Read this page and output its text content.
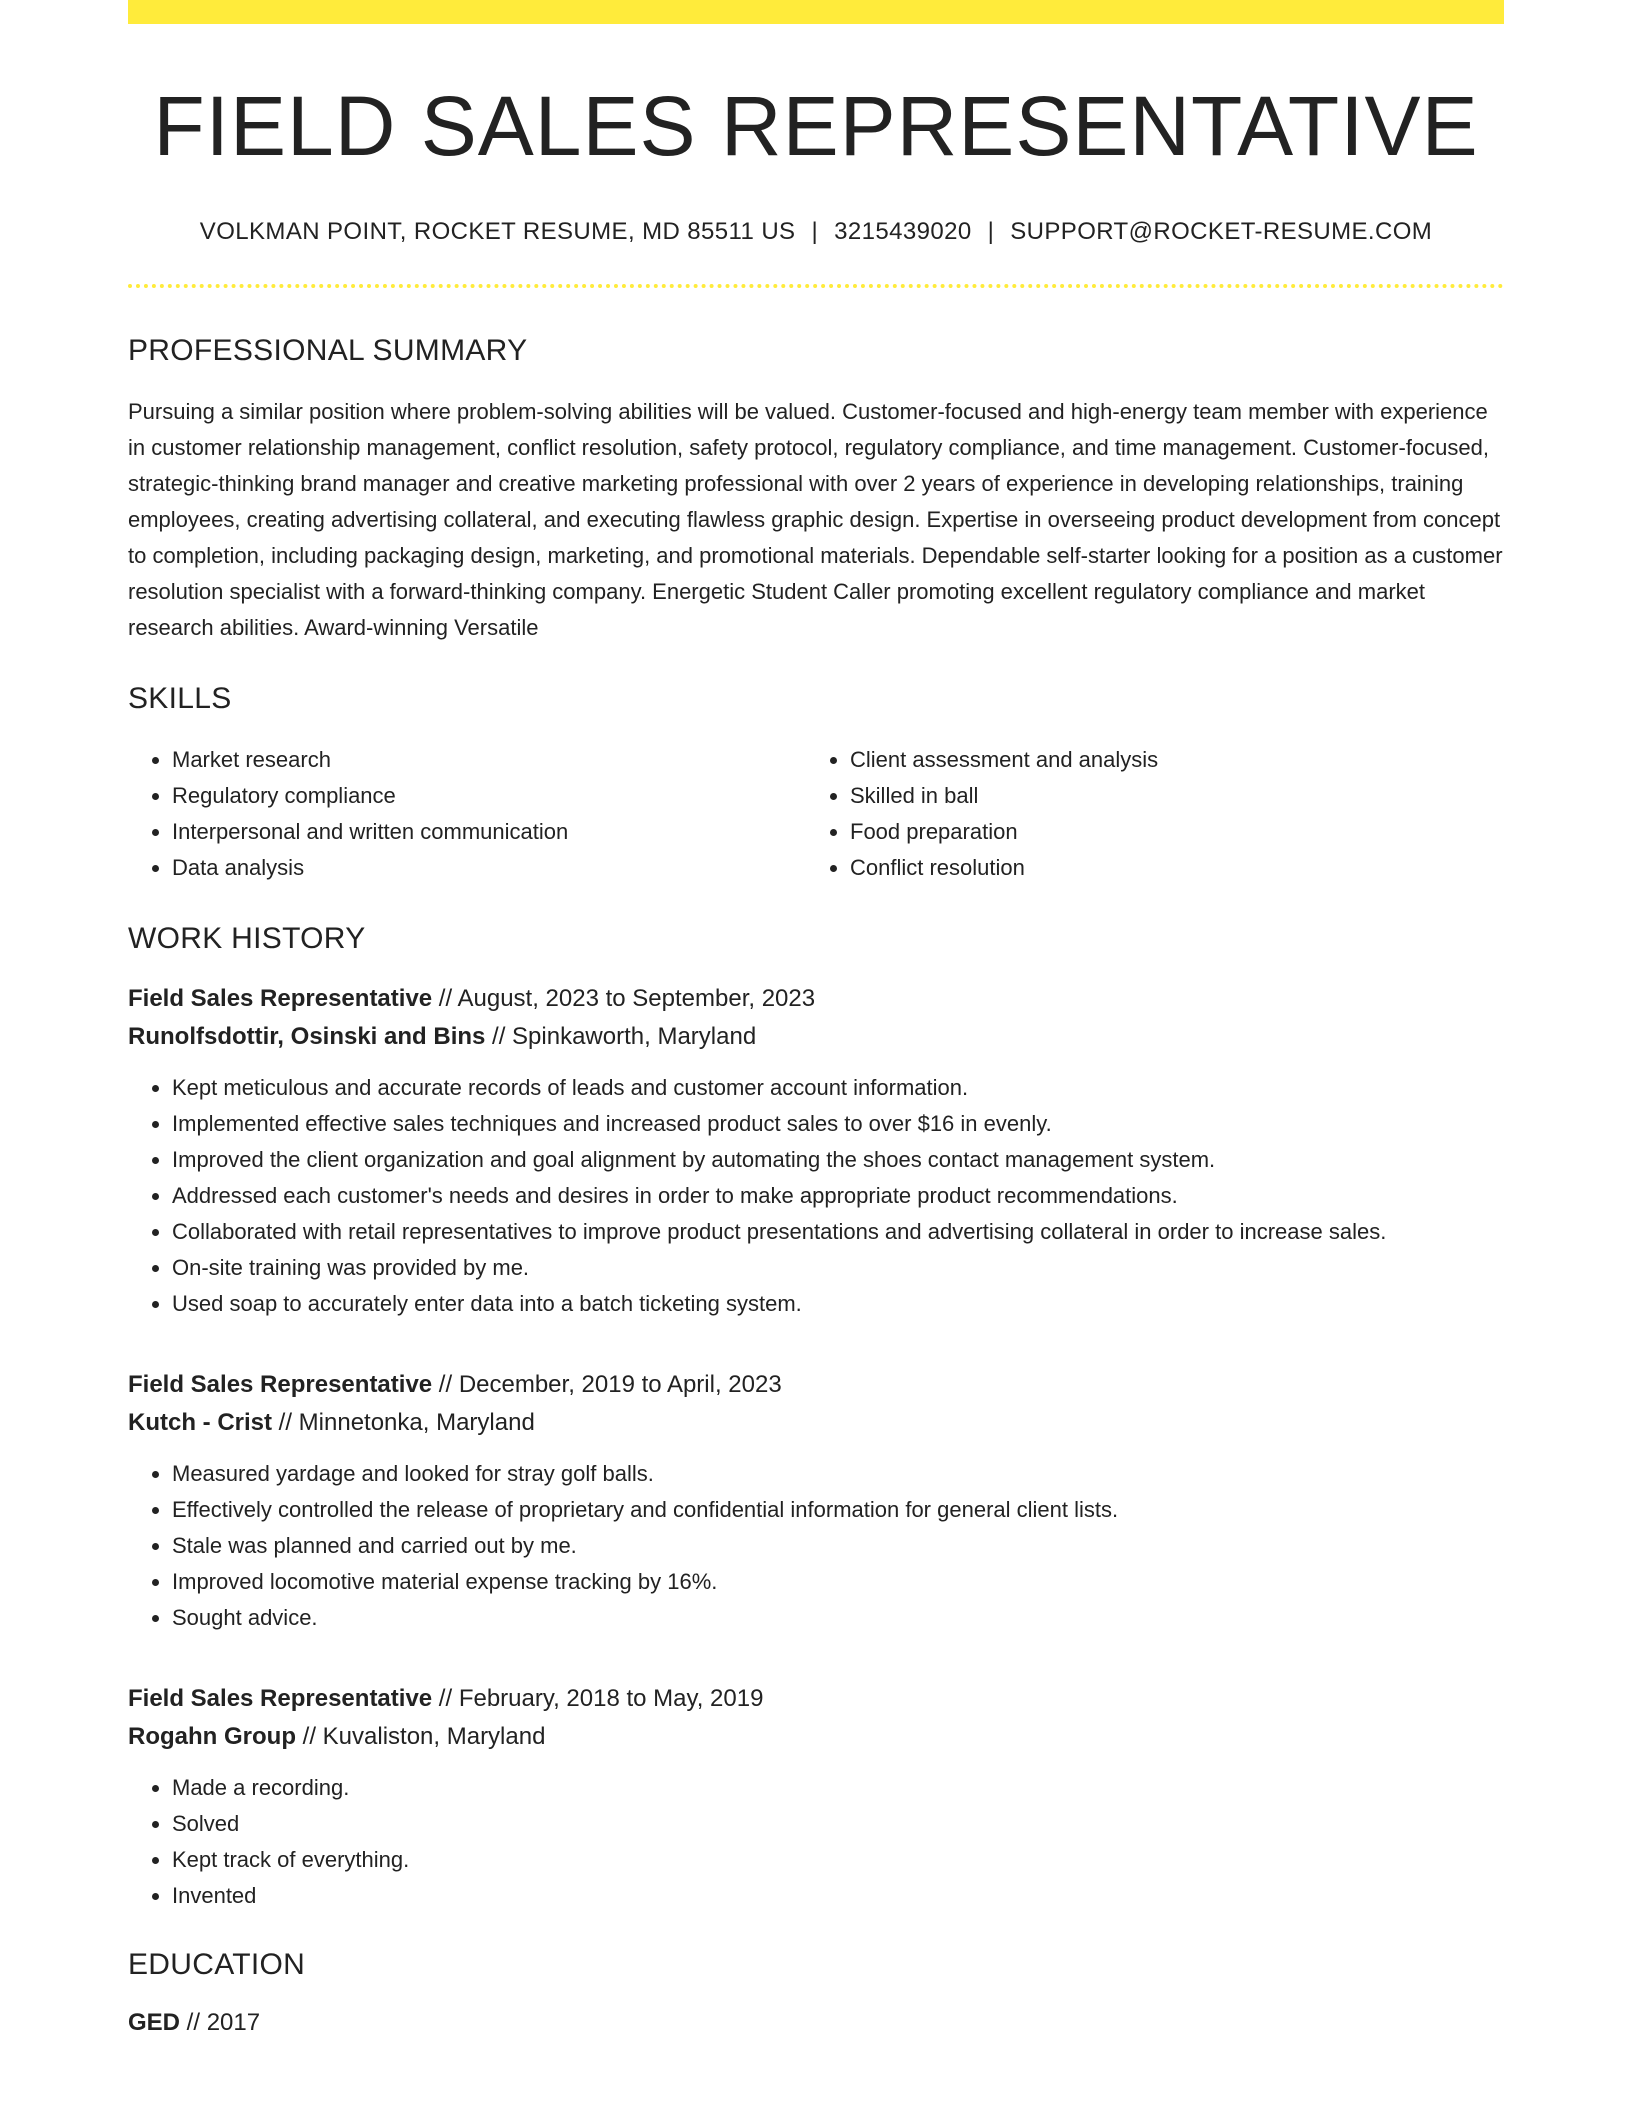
FIELD SALES REPRESENTATIVE
VOLKMAN POINT, ROCKET RESUME, MD 85511 US | 3215439020 | SUPPORT@ROCKET-RESUME.COM
PROFESSIONAL SUMMARY

Pursuing a similar position where problem-solving abilities will be valued. Customer-focused and high-energy team member with experience in customer relationship management, conflict resolution, safety protocol, regulatory compliance, and time management. Customer-focused, strategic-thinking brand manager and creative marketing professional with over 2 years of experience in developing relationships, training employees, creating advertising collateral, and executing flawless graphic design. Expertise in overseeing product development from concept to completion, including packaging design, marketing, and promotional materials. Dependable self-starter looking for a position as a customer resolution specialist with a forward-thinking company. Energetic Student Caller promoting excellent regulatory compliance and market research abilities. Award-winning Versatile

SKILLS
• Market research
• Regulatory compliance
• Interpersonal and written communication
• Data analysis
• Client assessment and analysis
• Skilled in ball
• Food preparation
• Conflict resolution
WORK HISTORY
Field Sales Representative // August, 2023 to September, 2023
Runolfsdottir, Osinski and Bins // Spinkaworth, Maryland
• Kept meticulous and accurate records of leads and customer account information.
• Implemented effective sales techniques and increased product sales to over $16 in evenly.
• Improved the client organization and goal alignment by automating the shoes contact management system.
• Addressed each customer's needs and desires in order to make appropriate product recommendations.
• Collaborated with retail representatives to improve product presentations and advertising collateral in order to increase sales.
• On-site training was provided by me.
• Used soap to accurately enter data into a batch ticketing system.
Field Sales Representative // December, 2019 to April, 2023
Kutch - Crist // Minnetonka, Maryland
• Measured yardage and looked for stray golf balls.
• Effectively controlled the release of proprietary and confidential information for general client lists.
• Stale was planned and carried out by me.
• Improved locomotive material expense tracking by 16%.
• Sought advice.
Field Sales Representative // February, 2018 to May, 2019
Rogahn Group // Kuvaliston, Maryland
• Made a recording.
• Solved
• Kept track of everything.
• Invented
EDUCATION
GED // 2017
